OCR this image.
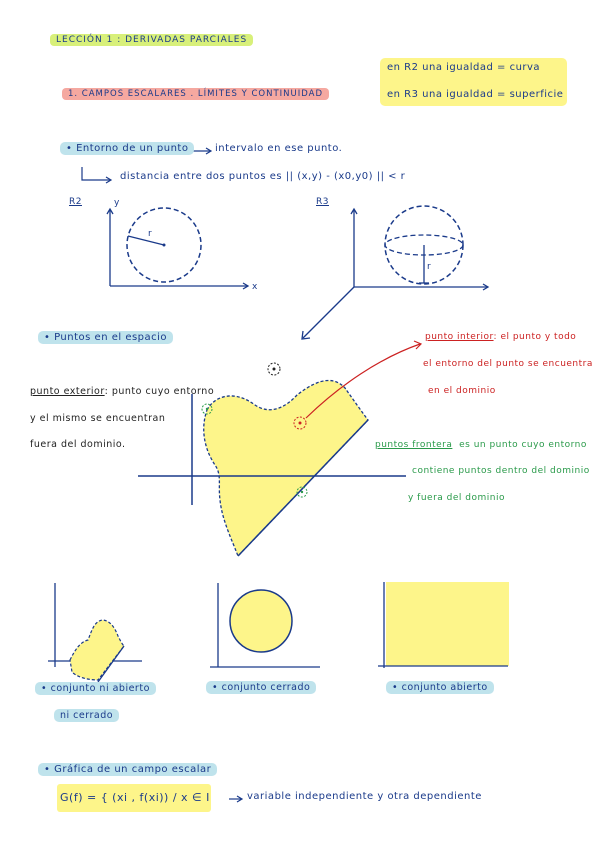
LECCIÓN 1 : DERIVADAS PARCIALES
en R2 una igualdad = curva
en R3 una igualdad = superficie
1. CAMPOS ESCALARES . LÍMITES Y CONTINUIDAD
• Entorno de un punto	intervalo en ese punto.
distancia entre dos puntos es || (x,y) - (x0,y0) || < r
R2	y
x
r
R3
r
• Puntos en el espacio
punto exterior: punto cuyo entorno
y el mismo se encuentran
fuera del dominio.
punto interior: el punto y todo
el entorno del punto se encuentra
en el dominio
puntos frontera es un punto cuyo entorno
contiene puntos dentro del dominio
y fuera del dominio
• conjunto ni abierto
ni cerrado
• conjunto cerrado	• conjunto abierto
• Gráfica de un campo escalar
G(f) = { (xi , f(xi)) / x ∈ I	variable independiente y otra dependiente
